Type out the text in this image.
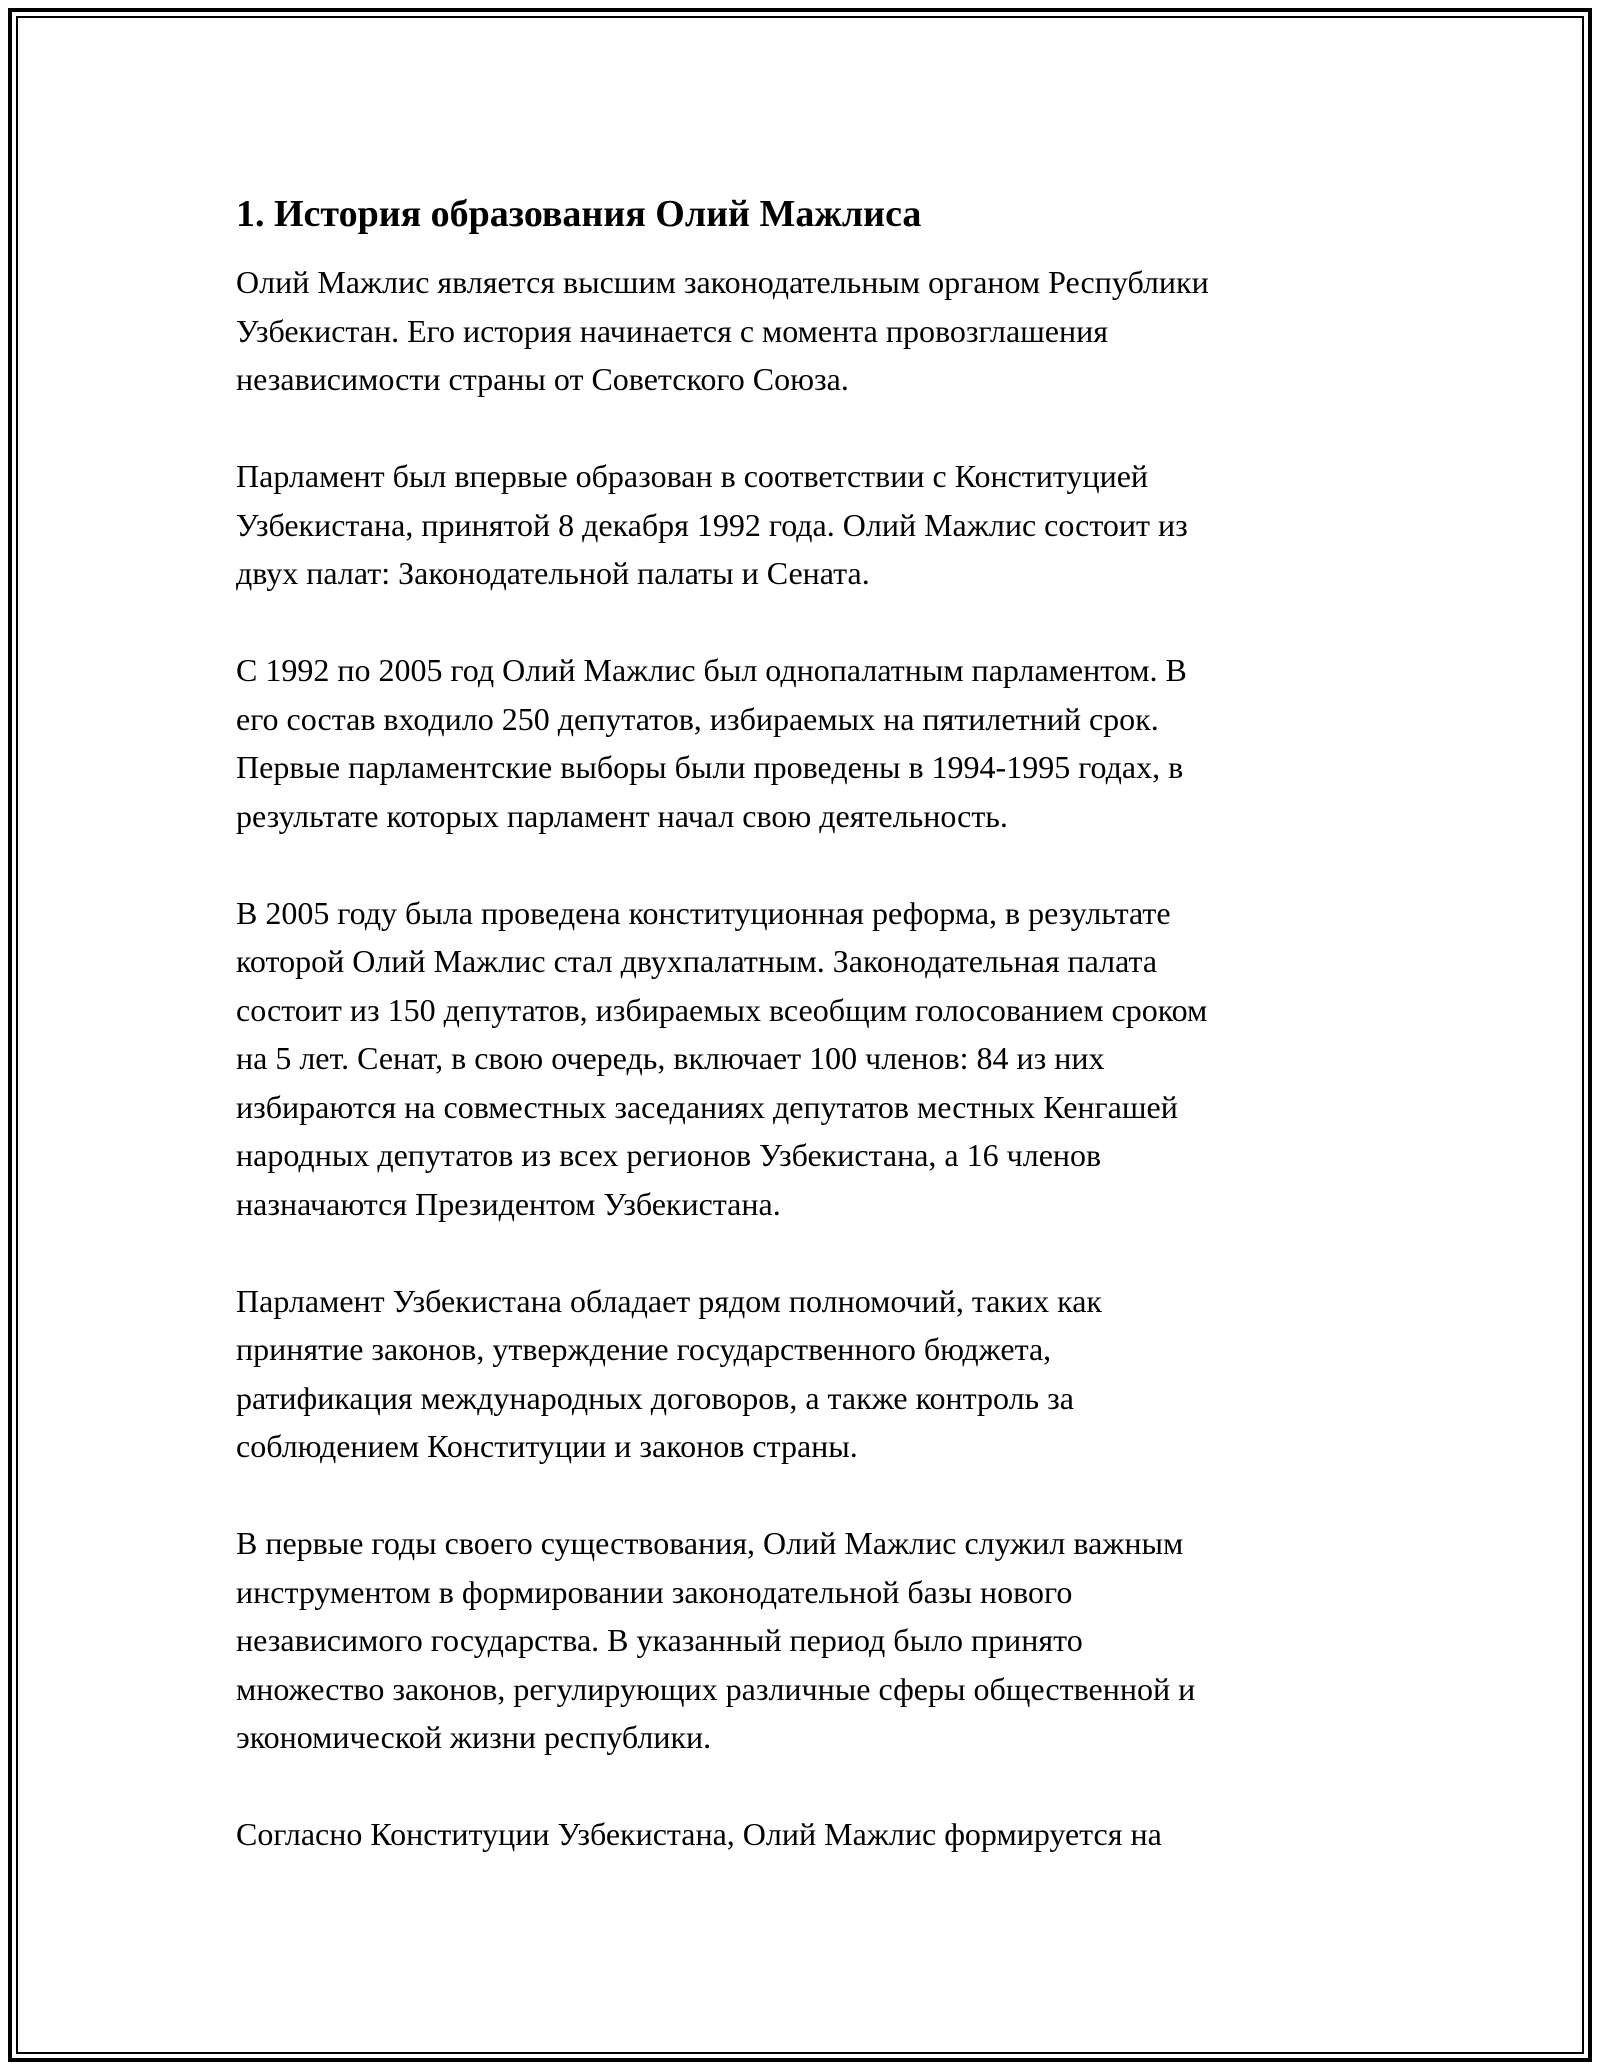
1. История образования Олий Мажлиса

Олий Мажлис является высшим законодательным органом Республики
Узбекистан. Его история начинается с момента провозглашения
независимости страны от Советского Союза.

Парламент был впервые образован в соответствии с Конституцией
Узбекистана, принятой 8 декабря 1992 года. Олий Мажлис состоит из
двух палат: Законодательной палаты и Сената.

С 1992 по 2005 год Олий Мажлис был однопалатным парламентом. В
его состав входило 250 депутатов, избираемых на пятилетний срок.
Первые парламентские выборы были проведены в 1994-1995 годах, в
результате которых парламент начал свою деятельность.

В 2005 году была проведена конституционная реформа, в результате
которой Олий Мажлис стал двухпалатным. Законодательная палата
состоит из 150 депутатов, избираемых всеобщим голосованием сроком
на 5 лет. Сенат, в свою очередь, включает 100 членов: 84 из них
избираются на совместных заседаниях депутатов местных Кенгашей
народных депутатов из всех регионов Узбекистана, а 16 членов
назначаются Президентом Узбекистана.

Парламент Узбекистана обладает рядом полномочий, таких как
принятие законов, утверждение государственного бюджета,
ратификация международных договоров, а также контроль за
соблюдением Конституции и законов страны.

В первые годы своего существования, Олий Мажлис служил важным
инструментом в формировании законодательной базы нового
независимого государства. В указанный период было принято
множество законов, регулирующих различные сферы общественной и
экономической жизни республики.

Согласно Конституции Узбекистана, Олий Мажлис формируется на
